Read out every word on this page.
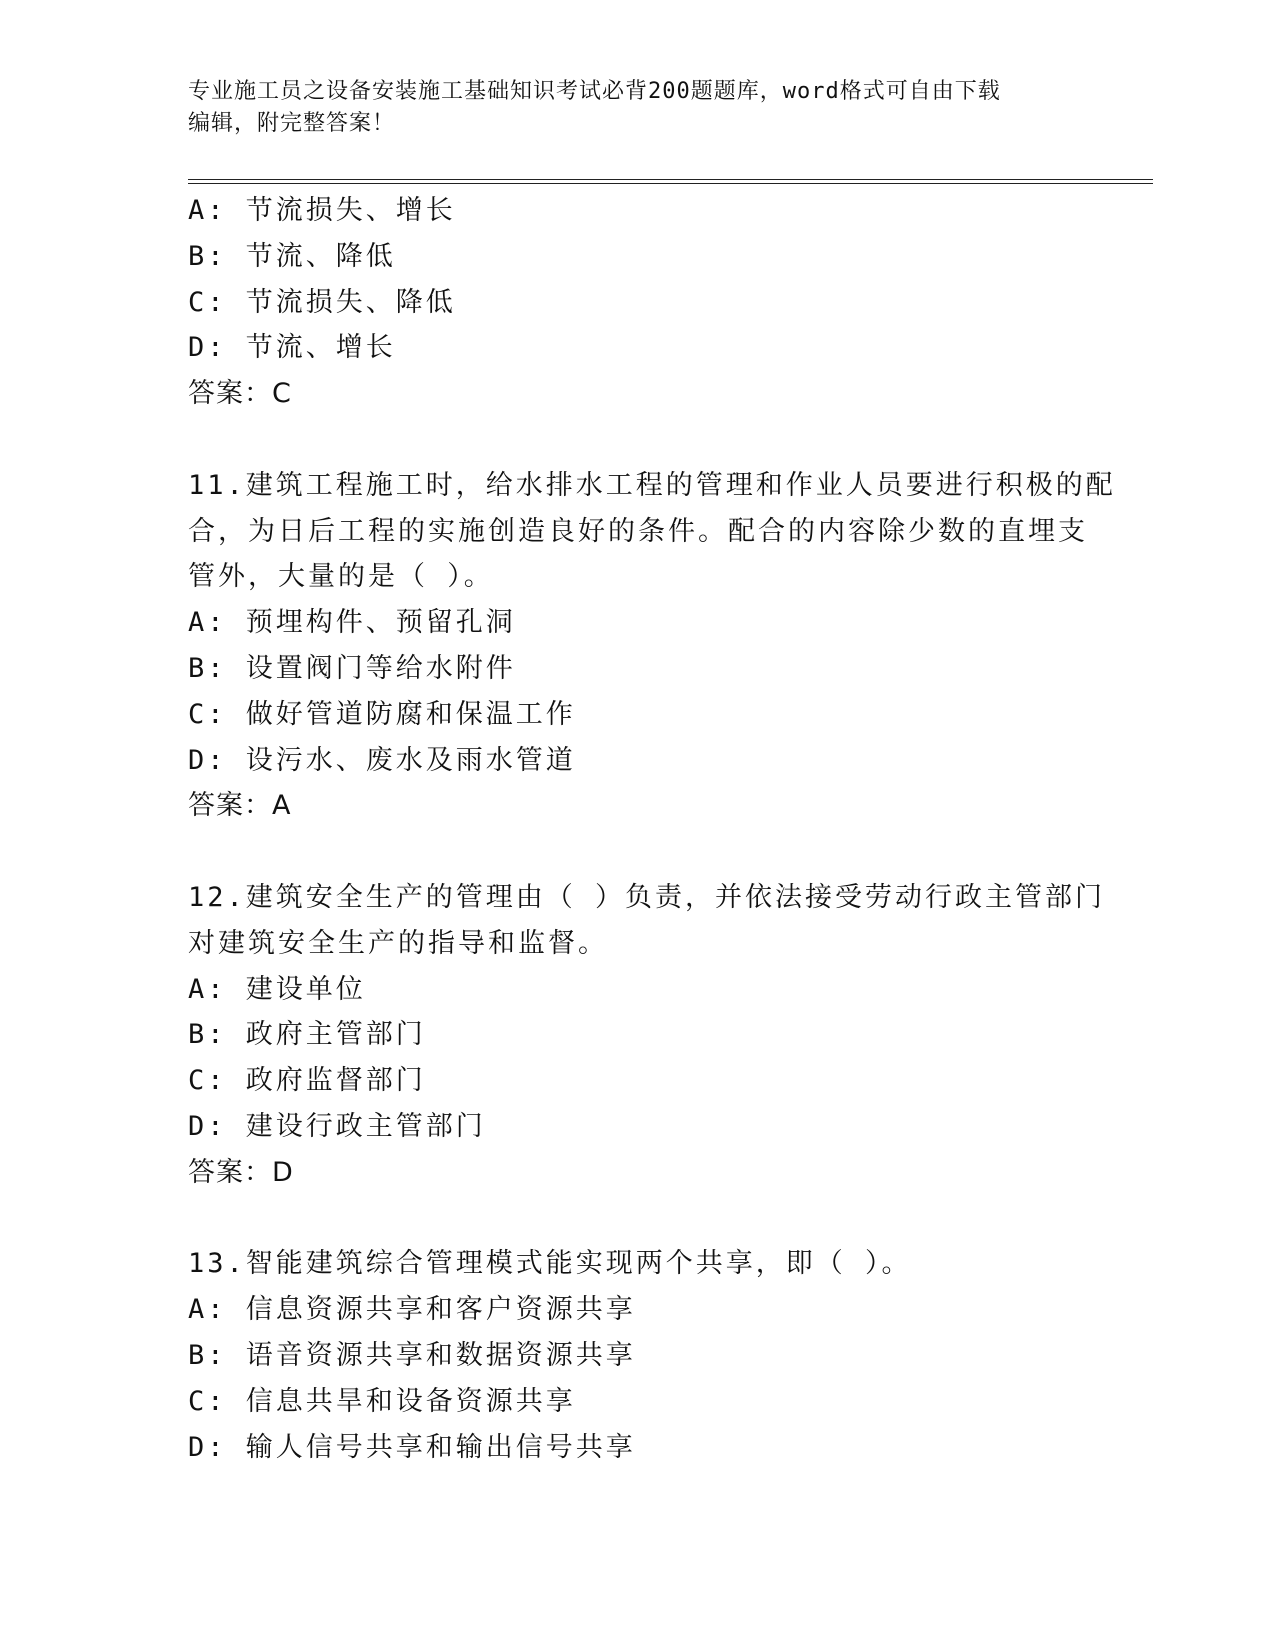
专业施工员之设备安装施工基础知识考试必背200题题库，word格式可自由下载
编辑，附完整答案！
A: 节流损失、增长
B: 节流、降低
C: 节流损失、降低
D: 节流、增长
答案：C
11.建筑工程施工时，给水排水工程的管理和作业人员要进行积极的配
合，为日后工程的实施创造良好的条件。配合的内容除少数的直埋支
管外，大量的是（ ）。
A: 预埋构件、预留孔洞
B: 设置阀门等给水附件
C: 做好管道防腐和保温工作
D: 设污水、废水及雨水管道
答案：A
12.建筑安全生产的管理由（ ）负责，并依法接受劳动行政主管部门
对建筑安全生产的指导和监督。
A: 建设单位
B: 政府主管部门
C: 政府监督部门
D: 建设行政主管部门
答案：D
13.智能建筑综合管理模式能实现两个共享，即（ ）。
A: 信息资源共享和客户资源共享
B: 语音资源共享和数据资源共享
C: 信息共旱和设备资源共享
D: 输人信号共享和输出信号共享
